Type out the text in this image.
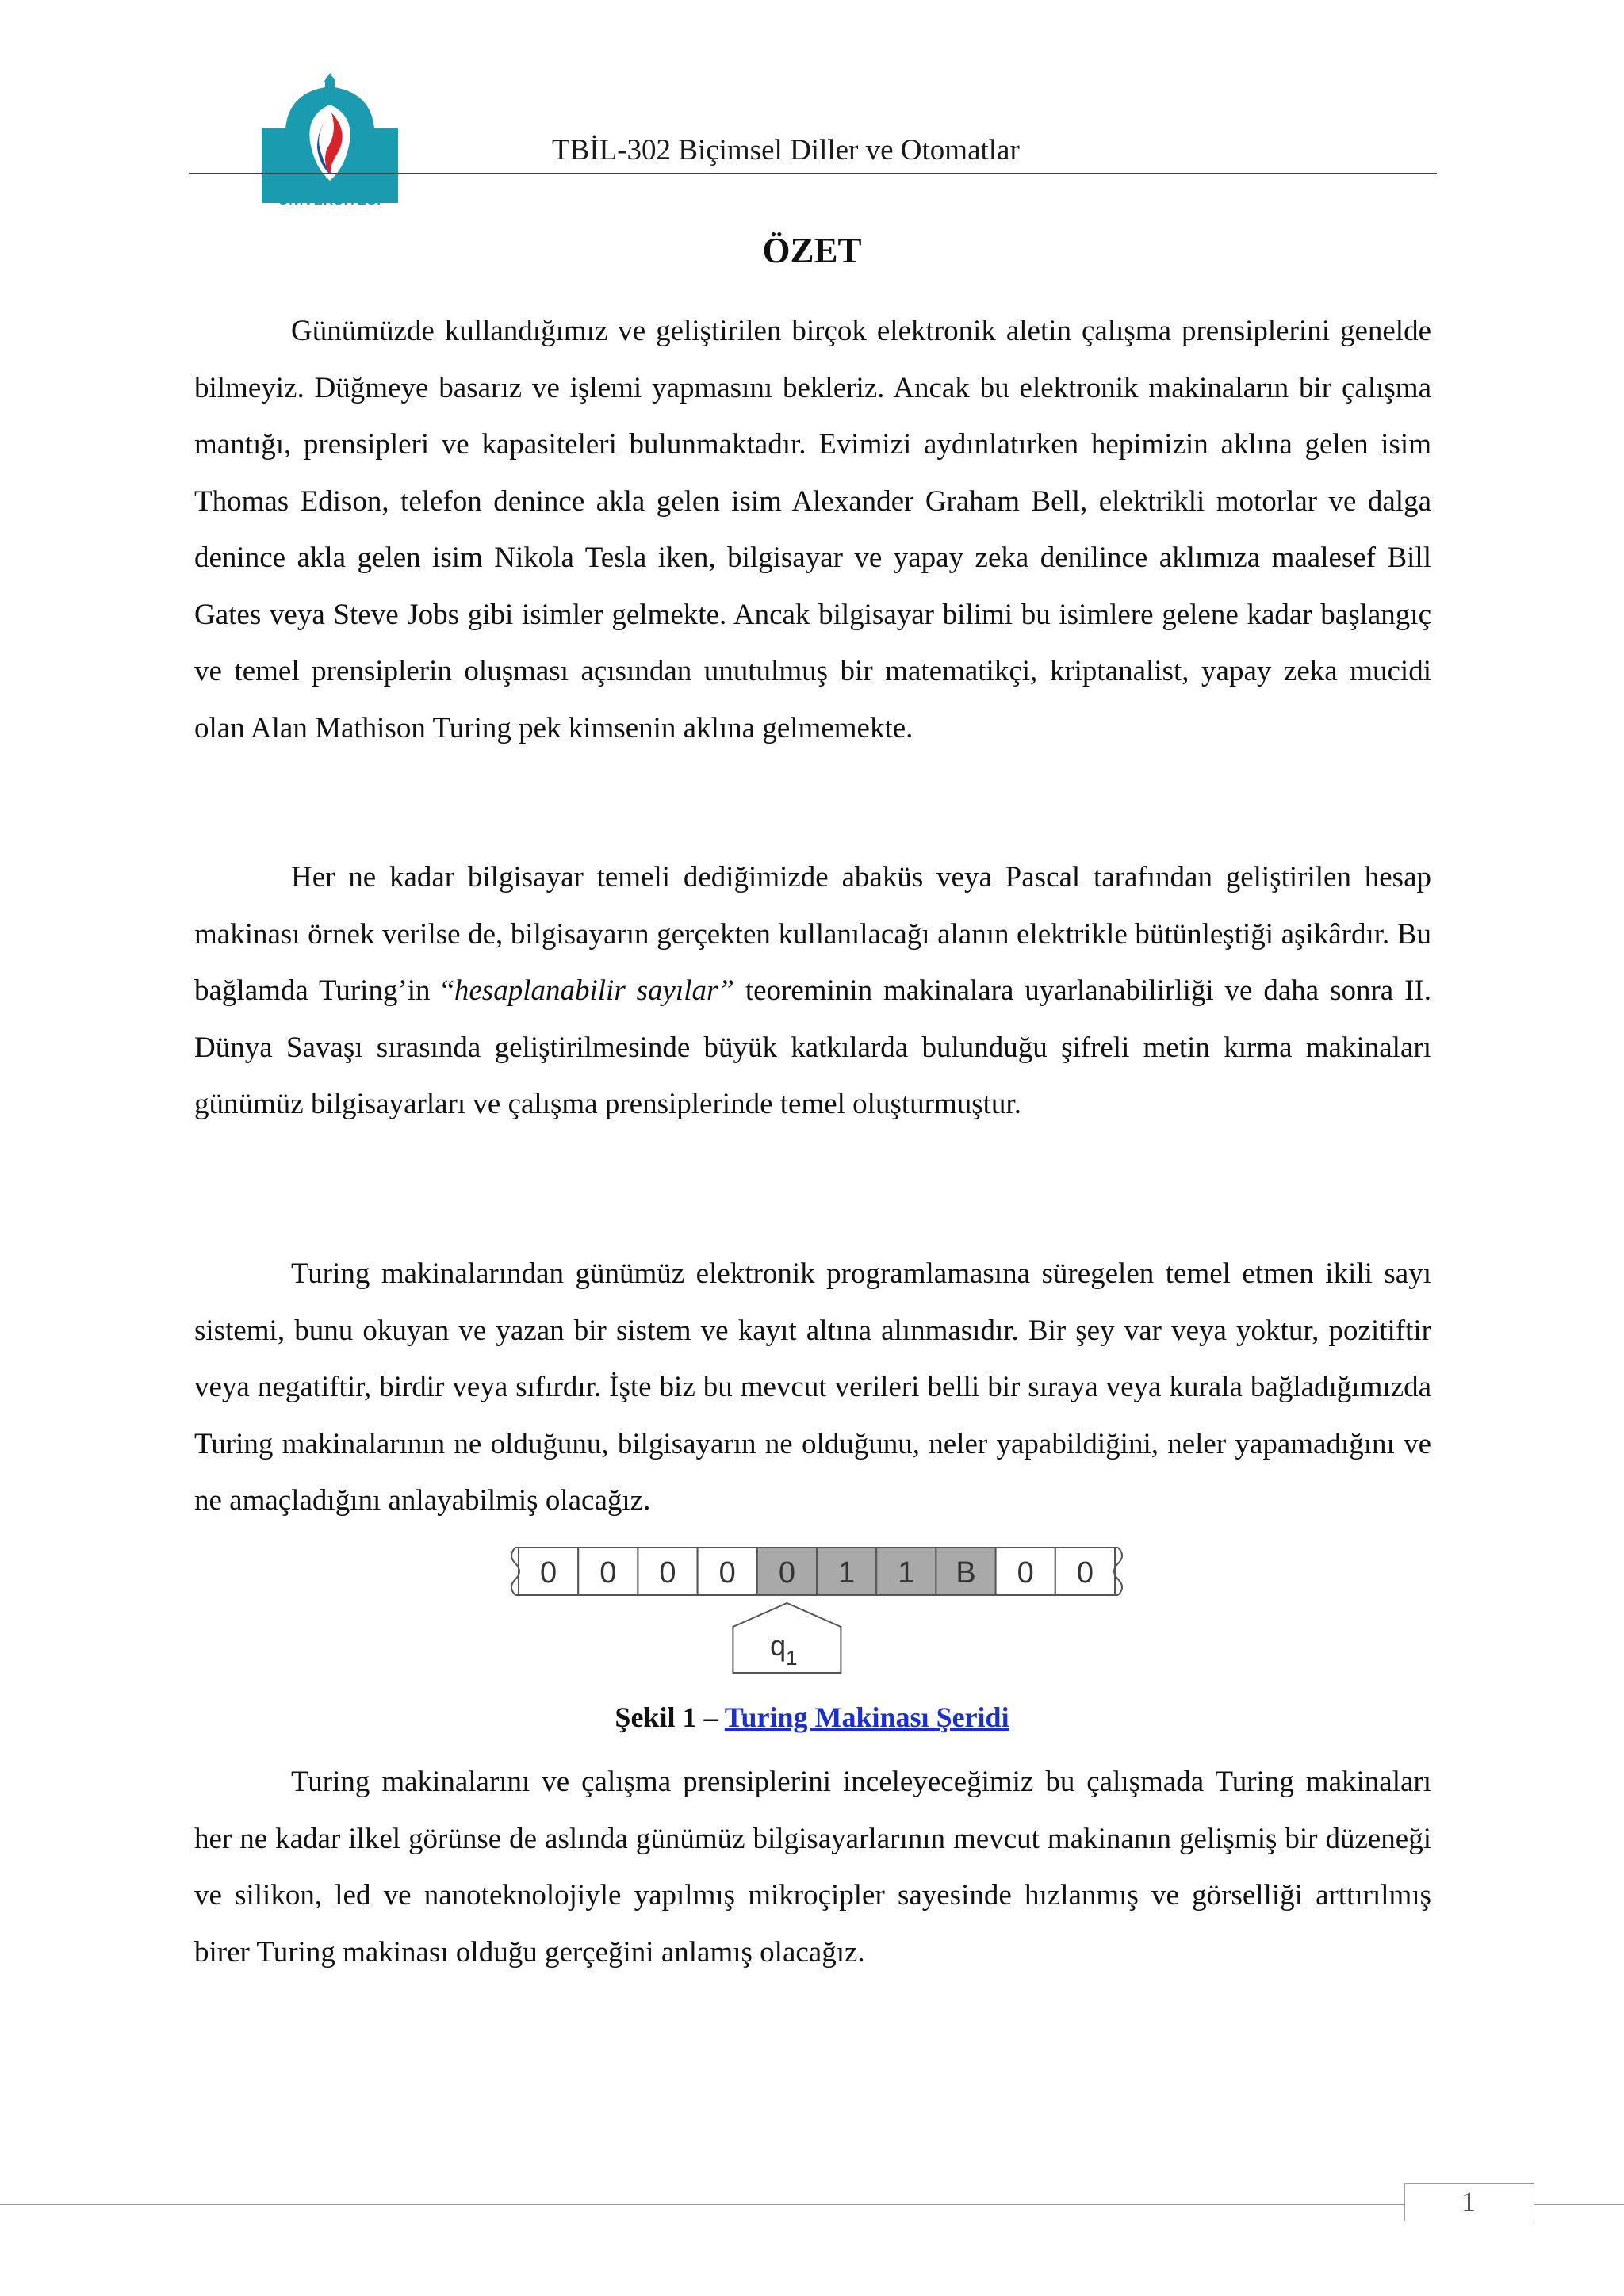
AHMET YESEVİ
ÜNİVERSİTESİ
TBİL-302 Biçimsel Diller ve Otomatlar
ÖZET

Günümüzde kullandığımız ve geliştirilen birçok elektronik aletin çalışma prensiplerini genelde bilmeyiz. Düğmeye basarız ve işlemi yapmasını bekleriz. Ancak bu elektronik makinaların bir çalışma mantığı, prensipleri ve kapasiteleri bulunmaktadır. Evimizi aydınlatırken hepimizin aklına gelen isim Thomas Edison, telefon denince akla gelen isim Alexander Graham Bell, elektrikli motorlar ve dalga denince akla gelen isim Nikola Tesla iken, bilgisayar ve yapay zeka denilince aklımıza maalesef Bill Gates veya Steve Jobs gibi isimler gelmekte. Ancak bilgisayar bilimi bu isimlere gelene kadar başlangıç ve temel prensiplerin oluşması açısından unutulmuş bir matematikçi, kriptanalist, yapay zeka mucidi olan Alan Mathison Turing pek kimsenin aklına gelmemekte.

Her ne kadar bilgisayar temeli dediğimizde abaküs veya Pascal tarafından geliştirilen hesap makinası örnek verilse de, bilgisayarın gerçekten kullanılacağı alanın elektrikle bütünleştiği aşikârdır. Bu bağlamda Turing’in “hesaplanabilir sayılar” teoreminin makinalara uyarlanabilirliği ve daha sonra II. Dünya Savaşı sırasında geliştirilmesinde büyük katkılarda bulunduğu şifreli metin kırma makinaları günümüz bilgisayarları ve çalışma prensiplerinde temel oluşturmuştur.

Turing makinalarından günümüz elektronik programlamasına süregelen temel etmen ikili sayı sistemi, bunu okuyan ve yazan bir sistem ve kayıt altına alınmasıdır. Bir şey var veya yoktur, pozitiftir veya negatiftir, birdir veya sıfırdır. İşte biz bu mevcut verileri belli bir sıraya veya kurala bağladığımızda Turing makinalarının ne olduğunu, bilgisayarın ne olduğunu, neler yapabildiğini, neler yapamadığını ve ne amaçladığını anlayabilmiş olacağız.

0 0 0 0 0 1 1 B 0 0
$q_1$
Şekil 1 – Turing Makinası Şeridi

Turing makinalarını ve çalışma prensiplerini inceleyeceğimiz bu çalışmada Turing makinaları her ne kadar ilkel görünse de aslında günümüz bilgisayarlarının mevcut makinanın gelişmiş bir düzeneği ve silikon, led ve nanoteknolojiyle yapılmış mikroçipler sayesinde hızlanmış ve görselliği arttırılmış birer Turing makinası olduğu gerçeğini anlamış olacağız.

1
